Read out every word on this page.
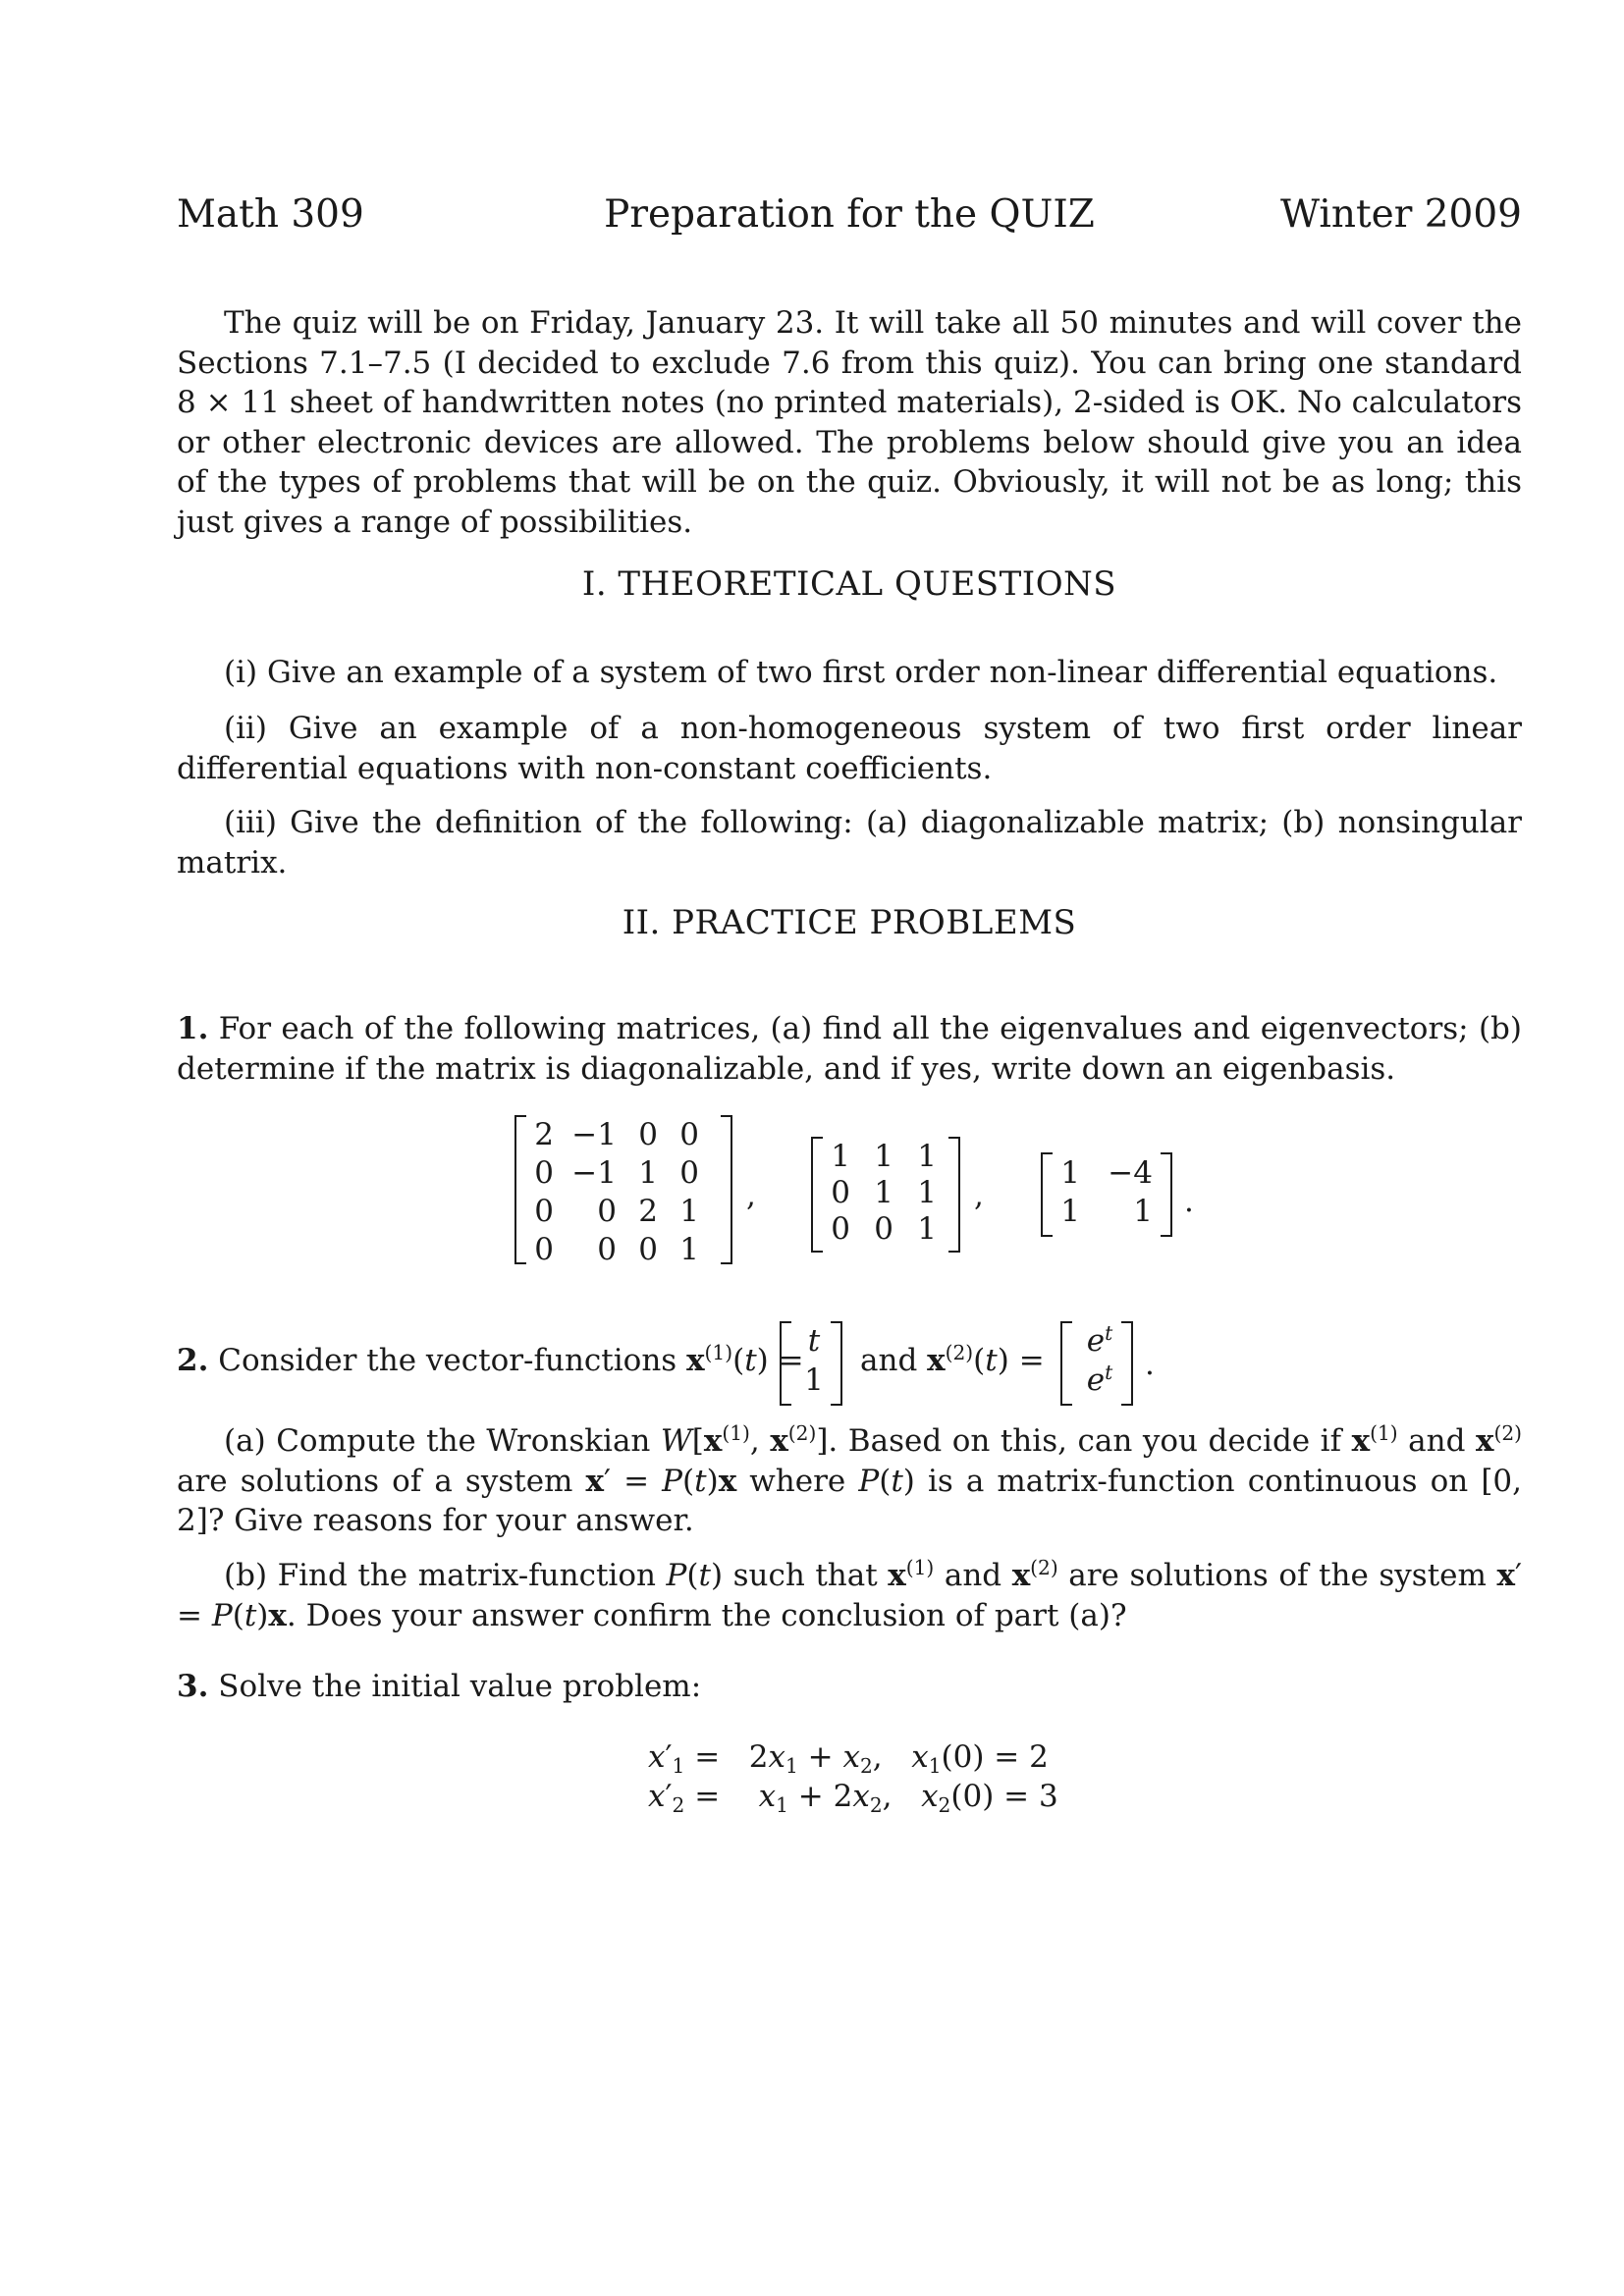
Math 309	Preparation for the QUIZ	Winter 2009
The quiz will be on Friday, January 23. It will take all 50 minutes and will cover the Sections 7.1–7.5 (I decided to exclude 7.6 from this quiz). You can bring one standard 8 × 11 sheet of handwritten notes (no printed materials), 2-sided is OK. No calculators or other electronic devices are allowed. The problems below should give you an idea of the types of problems that will be on the quiz. Obviously, it will not be as long; this just gives a range of possibilities.
I. THEORETICAL QUESTIONS
(i) Give an example of a system of two first order non-linear differential equations.
(ii) Give an example of a non-homogeneous system of two first order linear differential equations with non-constant coefficients.
(iii) Give the definition of the following: (a) diagonalizable matrix; (b) nonsingular matrix.
II. PRACTICE PROBLEMS
1. For each of the following matrices, (a) find all the eigenvalues and eigenvectors; (b) determine if the matrix is diagonalizable, and if yes, write down an eigenbasis.
2 −1 0 0
0 −1 1 0
0	0 2 1
0	0 0 1
,
1 1 1
0 1 1
0 0 1
,
1 −4
1	1 .
2. Consider the vector-functions $x^{(1)}(t)$ =
t
1
and $x^{(2)}(t)$ =
$e^t$
$e^t$ .
(a) Compute the Wronskian $W[x^{(1)}$, $x^{(2)}$]. Based on this, can you decide if $x^{(1)}$ and $x^{(2)}$ are solutions of a system x′ = P(t)x where P(t) is a matrix-function continuous on [0, 2]? Give reasons for your answer.
(b) Find the matrix-function P(t) such that $x^{(1)}$ and $x^{(2)}$ are solutions of the system x′ = P(t)x. Does your answer confirm the conclusion of part (a)?
3. Solve the initial value problem:
$x'_1 = 2x_1 + x_2$,   $x_1(0) = 2$
$x'_2$ =    $x_1 + 2x_2$,   $x_2(0) = 3$
